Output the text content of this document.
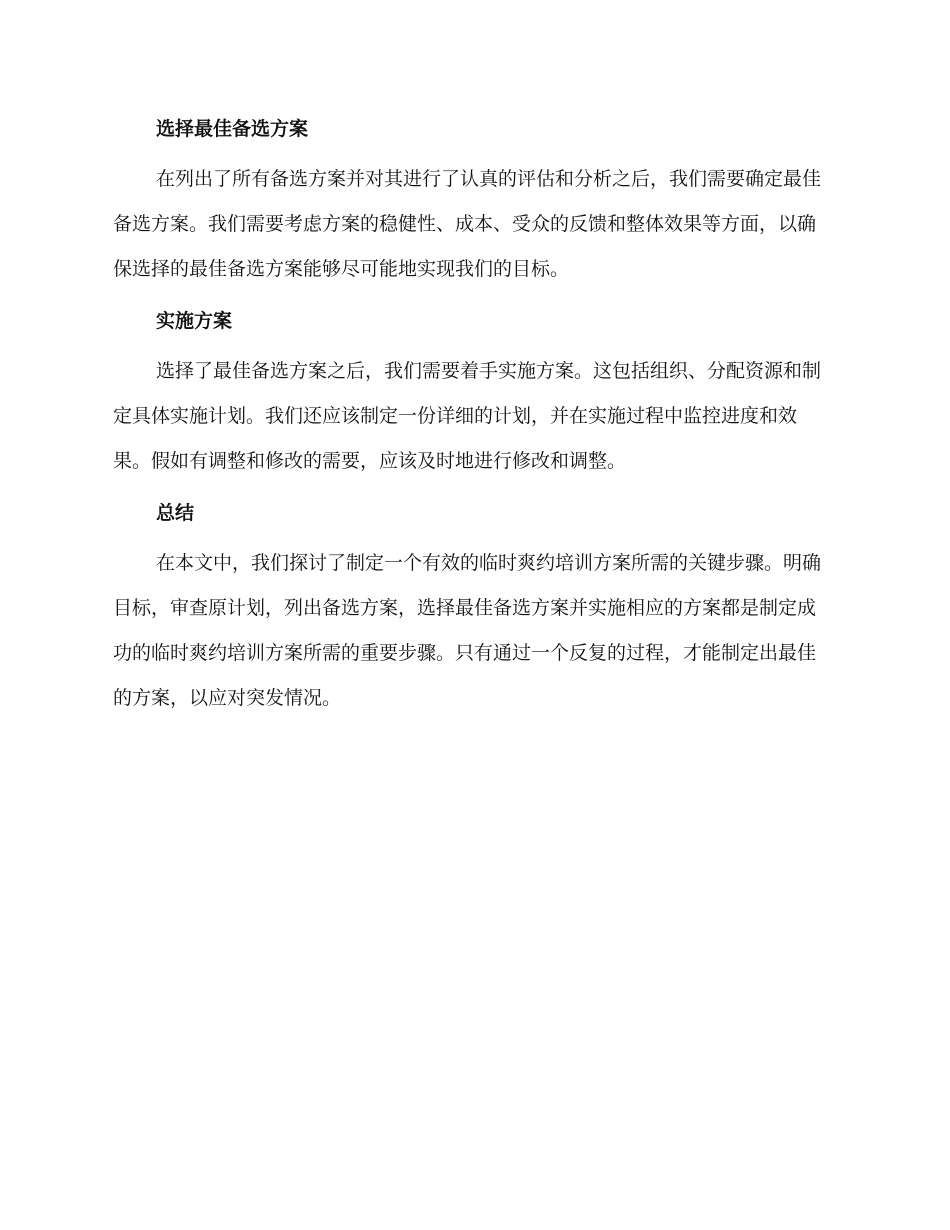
选择最佳备选方案

在列出了所有备选方案并对其进行了认真的评估和分析之后，我们需要确定最佳备选方案。我们需要考虑方案的稳健性、成本、受众的反馈和整体效果等方面，以确保选择的最佳备选方案能够尽可能地实现我们的目标。

实施方案

选择了最佳备选方案之后，我们需要着手实施方案。这包括组织、分配资源和制定具体实施计划。我们还应该制定一份详细的计划，并在实施过程中监控进度和效果。假如有调整和修改的需要，应该及时地进行修改和调整。

总结

在本文中，我们探讨了制定一个有效的临时爽约培训方案所需的关键步骤。明确目标，审查原计划，列出备选方案，选择最佳备选方案并实施相应的方案都是制定成功的临时爽约培训方案所需的重要步骤。只有通过一个反复的过程，才能制定出最佳的方案，以应对突发情况。
